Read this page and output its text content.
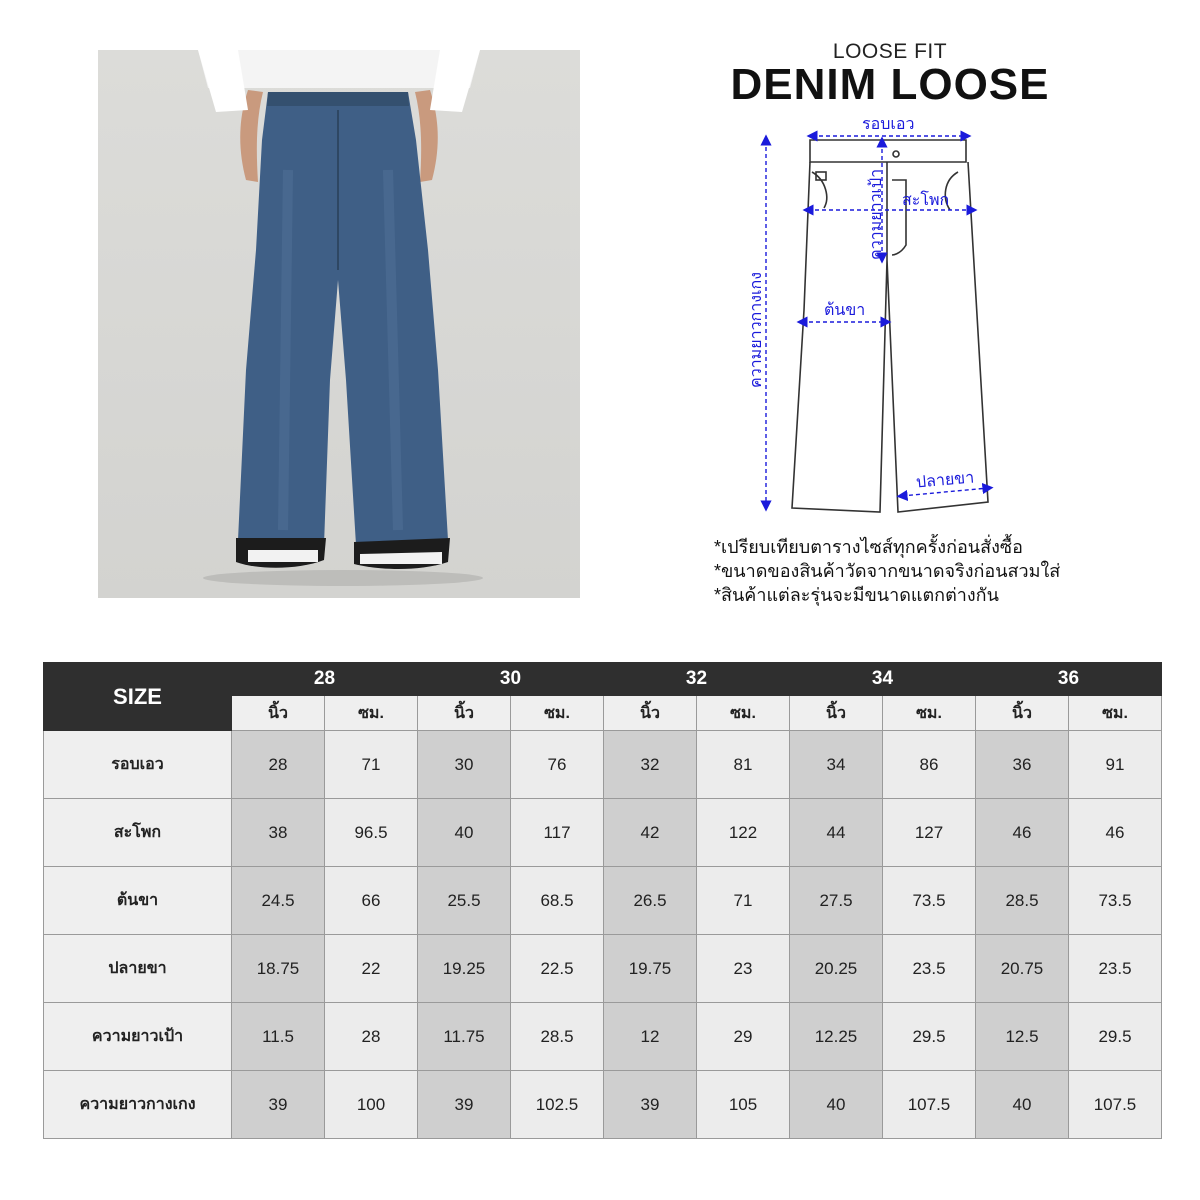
LOOSE FIT
DENIM LOOSE
รอบเอว
สะโพก
ความยาวเป้า
ต้นขา
ความยาวกางเกง
ปลายขา
*เปรียบเทียบตารางไซส์ทุกครั้งก่อนสั่งซื้อ
*ขนาดของสินค้าวัดจากขนาดจริงก่อนสวมใส่
*สินค้าแต่ละรุ่นจะมีขนาดแตกต่างกัน
SIZE	28		30		32		34		36	
	นิ้ว	ซม.	นิ้ว	ซม.	นิ้ว	ซม.	นิ้ว	ซม.	นิ้ว	ซม.
รอบเอว	28	71	30	76	32	81	34	86	36	91
สะโพก	38	96.5	40	117	42	122	44	127	46	46
ต้นขา	24.5	66	25.5	68.5	26.5	71	27.5	73.5	28.5	73.5
ปลายขา	18.75	22	19.25	22.5	19.75	23	20.25	23.5	20.75	23.5
ความยาวเป้า	11.5	28	11.75	28.5	12	29	12.25	29.5	12.5	29.5
ความยาวกางเกง	39	100	39	102.5	39	105	40	107.5	40	107.5
